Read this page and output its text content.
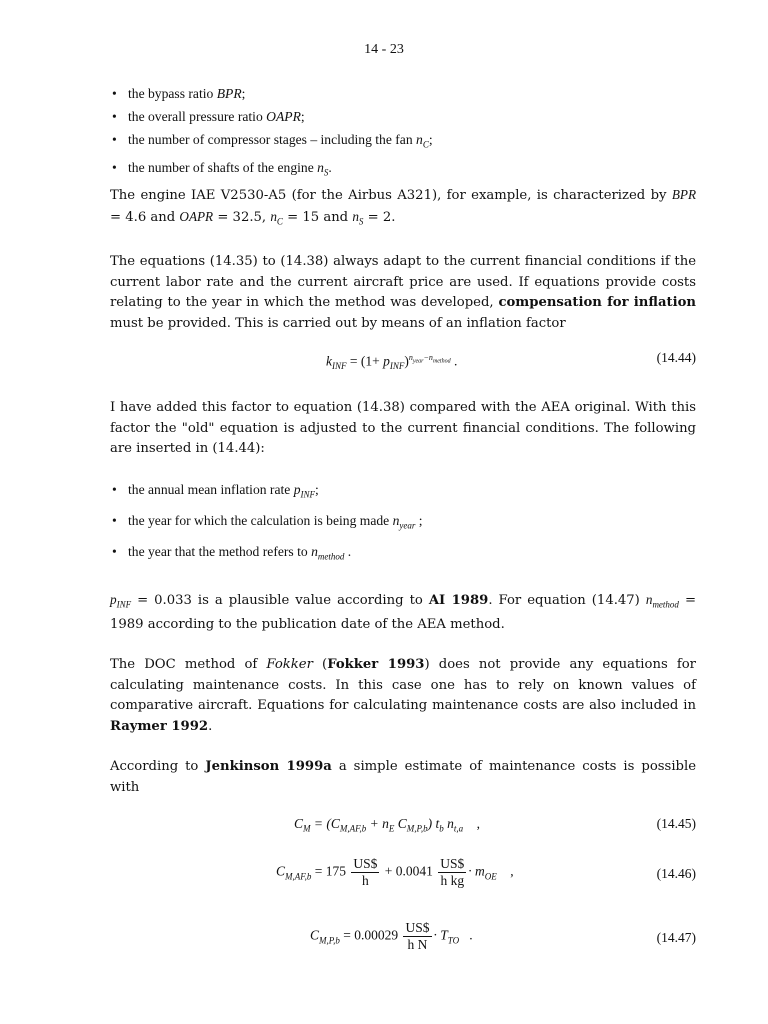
14 - 23
• the bypass ratio BPR;
• the overall pressure ratio OAPR;
• the number of compressor stages – including the fan $n_C$;
• the number of shafts of the engine $n_S$.

The engine IAE V2530-A5 (for the Airbus A321), for example, is characterized by BPR = 4.6 and OAPR = 32.5, $n_C = 15$ and $n_S = 2$.

The equations (14.35) to (14.38) always adapt to the current financial conditions if the current labor rate and the current aircraft price are used. If equations provide costs relating to the year in which the method was developed, compensation for inflation must be provided. This is carried out by means of an inflation factor

$k_{INF} = (1+ p_{INF})^{n_{year}-n_{method}}$ .	(14.44)

I have added this factor to equation (14.38) compared with the AEA original. With this factor the "old" equation is adjusted to the current financial conditions. The following are inserted in (14.44):

• the annual mean inflation rate $p_{INF}$;
• the year for which the calculation is being made $n_{year}$ ;
• the year that the method refers to $n_{method}$ .

$p_{INF} = 0.033$ is a plausible value according to AI 1989. For equation (14.47) $n_{method} = 1989$ according to the publication date of the AEA method.

The DOC method of Fokker (Fokker 1993) does not provide any equations for calculating maintenance costs. In this case one has to rely on known values of comparative aircraft. Equations for calculating maintenance costs are also included in Raymer 1992.

According to Jenkinson 1999a a simple estimate of maintenance costs is possible with

$C_M = (C_{M,AF,b} + n_E$ $C_{M,P,b}$) $t_b$ $n_{t,a}$    ,	(14.45)
$C_{M,AF,b} = 175 \frac{US\$}{h} + 0.0041 \frac{US\$}{\text{h kg}} \cdot m_{OE}$    ,	(14.46)
$C_{M,P,b} = 0.00029 \frac{US\$}{\text{h N}} \cdot T_{TO}$   .	(14.47)
